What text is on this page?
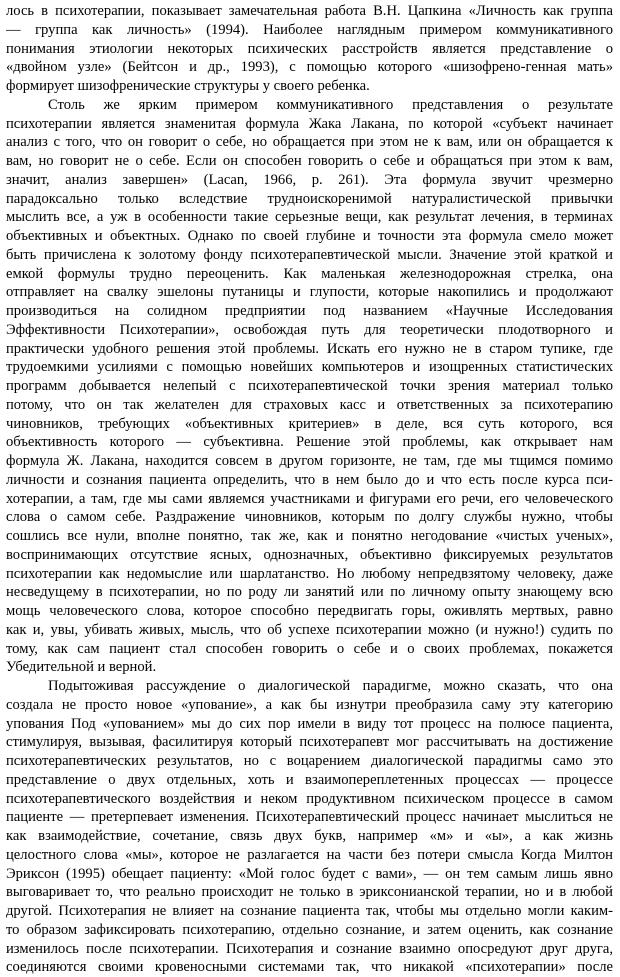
лось в психотерапии, показывает замечательная работа В.Н. Цапкина «Личность как группа
— группа как личность» (1994). Наиболее наглядным примером коммуникативного
понимания этиологии некоторых психических расстройств является представление о
«двойном узле» (Бейтсон и др., 1993), с помощью которого «шизофрено-генная мать»
формирует шизофренические структуры у своего ребенка.
Столь же ярким примером коммуникативного представления о результате
психотерапии является знаменитая формула Жака Лакана, по которой «субъект начинает
анализ с того, что он говорит о себе, но обращается при этом не к вам, или он обращается к
вам, но говорит не о себе. Если он способен говорить о себе и обращаться при этом к вам,
значит, анализ завершен» (Lacan, 1966, p. 261). Эта формула звучит чрезмерно
парадоксально только вследствие трудноискоренимой натуралистической привычки
мыслить все, а уж в особенности такие серьезные вещи, как результат лечения, в терминах
объективных и объектных. Однако по своей глубине и точности эта формула смело может
быть причислена к золотому фонду психотерапевтической мысли. Значение этой краткой и
емкой формулы трудно переоценить. Как маленькая железнодорожная стрелка, она
отправляет на свалку эшелоны путаницы и глупости, которые накопились и продолжают
производиться на солидном предприятии под названием «Научные Исследования
Эффективности Психотерапии», освобождая путь для теоретически плодотворного и
практически удобного решения этой проблемы. Искать его нужно не в старом тупике, где
трудоемкими усилиями с помощью новейших компьютеров и изощренных статистических
программ добывается нелепый с психотерапевтической точки зрения материал только
потому, что он так желателен для страховых касс и ответственных за психотерапию
чиновников, требующих «объективных критериев» в деле, вся суть которого, вся
объективность которого — субъективна. Решение этой проблемы, как открывает нам
формула Ж. Лакана, находится совсем в другом горизонте, не там, где мы тщимся помимо
личности и сознания пациента определить, что в нем было до и что есть после курса пси-
хотерапии, а там, где мы сами являемся участниками и фигурами его речи, его человеческого
слова о самом себе. Раздражение чиновников, которым по долгу службы нужно, чтобы
сошлись все нули, вполне понятно, так же, как и понятно негодование «чистых ученых»,
воспринимающих отсутствие ясных, однозначных, объективно фиксируемых результатов
психотерапии как недомыслие или шарлатанство. Но любому непредвзятому человеку, даже
несведущему в психотерапии, но по роду ли занятий или по личному опыту знающему всю
мощь человеческого слова, которое способно передвигать горы, оживлять мертвых, равно
как и, увы, убивать живых, мысль, что об успехе психотерапии можно (и нужно!) судить по
тому, как сам пациент стал способен говорить о себе и о своих проблемах, покажется
Убедительной и верной.
Подытоживая рассуждение о диалогической парадигме, можно сказать, что она
создала не просто новое «упование», а как бы изнутри преобразила саму эту категорию
упования Под «упованием» мы до сих пор имели в виду тот процесс на полюсе пациента,
стимулируя, вызывая, фасилитируя который психотерапевт мог рассчитывать на достижение
психотерапевтических результатов, но с воцарением диалогической парадигмы само это
представление о двух отдельных, хоть и взаимопереплетенных процессах — процессе
психотерапевтического воздействия и неком продуктивном психическом процессе в самом
пациенте — претерпевает изменения. Психотерапевтический процесс начинает мыслиться не
как взаимодействие, сочетание, связь двух букв, например «м» и «ы», а как жизнь
целостного слова «мы», которое не разлагается на части без потери смысла Когда Милтон
Эриксон (1995) обещает пациенту: «Мой голос будет с вами», — он тем самым лишь явно
выговаривает то, что реально происходит не только в эриксонианской терапии, но и в любой
другой. Психотерапия не влияет на сознание пациента так, чтобы мы отдельно могли каким-
то образом зафиксировать психотерапию, отдельно сознание, и затем оценить, как сознание
изменилось после психотерапии. Психотерапия и сознание взаимно опосредуют друг друга,
соединяются своими кровеносными системами так, что никакой «психотерапии» после
